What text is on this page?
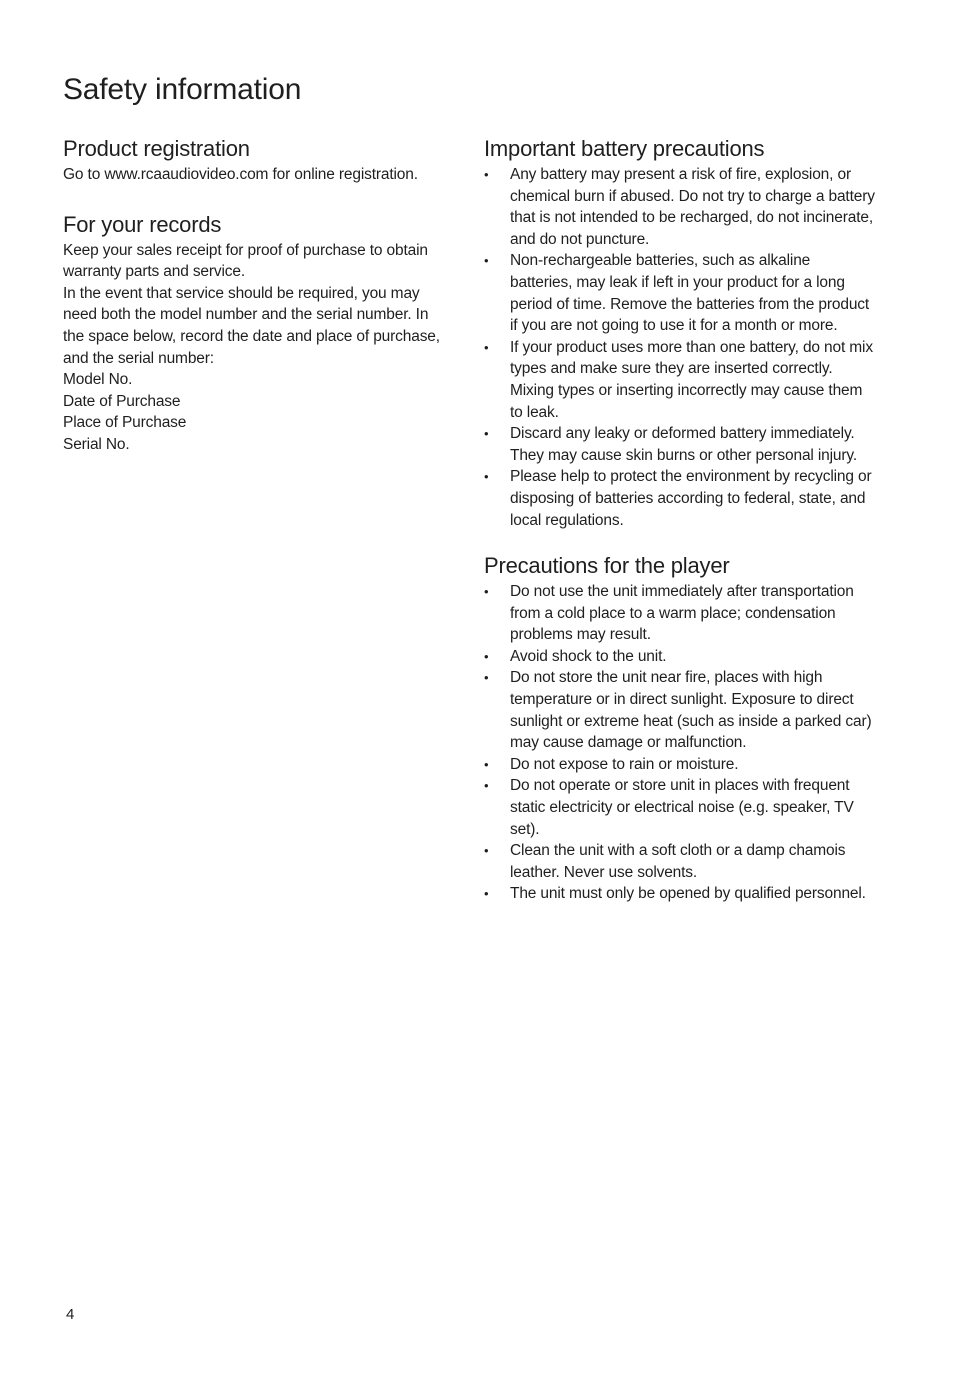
Safety information
Product registration

Go to www.rcaaudiovideo.com for online registration.

For your records

Keep your sales receipt for proof of purchase to obtain warranty parts and service.

In the event that service should be required, you may need both the model number and the serial number. In the space below, record the date and place of purchase, and the serial number:

Model No.

Date of Purchase

Place of Purchase

Serial No.

Important battery precautions
• Any battery may present a risk of fire, explosion, or chemical burn if abused. Do not try to charge a battery that is not intended to be recharged, do not incinerate, and do not puncture.
• Non-rechargeable batteries, such as alkaline batteries, may leak if left in your product for a long period of time. Remove the batteries from the product if you are not going to use it for a month or more.
• If your product uses more than one battery, do not mix types and make sure they are inserted correctly. Mixing types or inserting incorrectly may cause them to leak.
• Discard any leaky or deformed battery immediately. They may cause skin burns or other personal injury.
• Please help to protect the environment by recycling or disposing of batteries according to federal, state, and local regulations.
Precautions for the player
• Do not use the unit immediately after transportation from a cold place to a warm place; condensation problems may result.
• Avoid shock to the unit.
• Do not store the unit near fire, places with high temperature or in direct sunlight. Exposure to direct sunlight or extreme heat (such as inside a parked car) may cause damage or malfunction.
• Do not expose to rain or moisture.
• Do not operate or store unit in places with frequent static electricity or electrical noise (e.g. speaker, TV set).
• Clean the unit with a soft cloth or a damp chamois leather. Never use solvents.
• The unit must only be opened by qualified personnel.
4
